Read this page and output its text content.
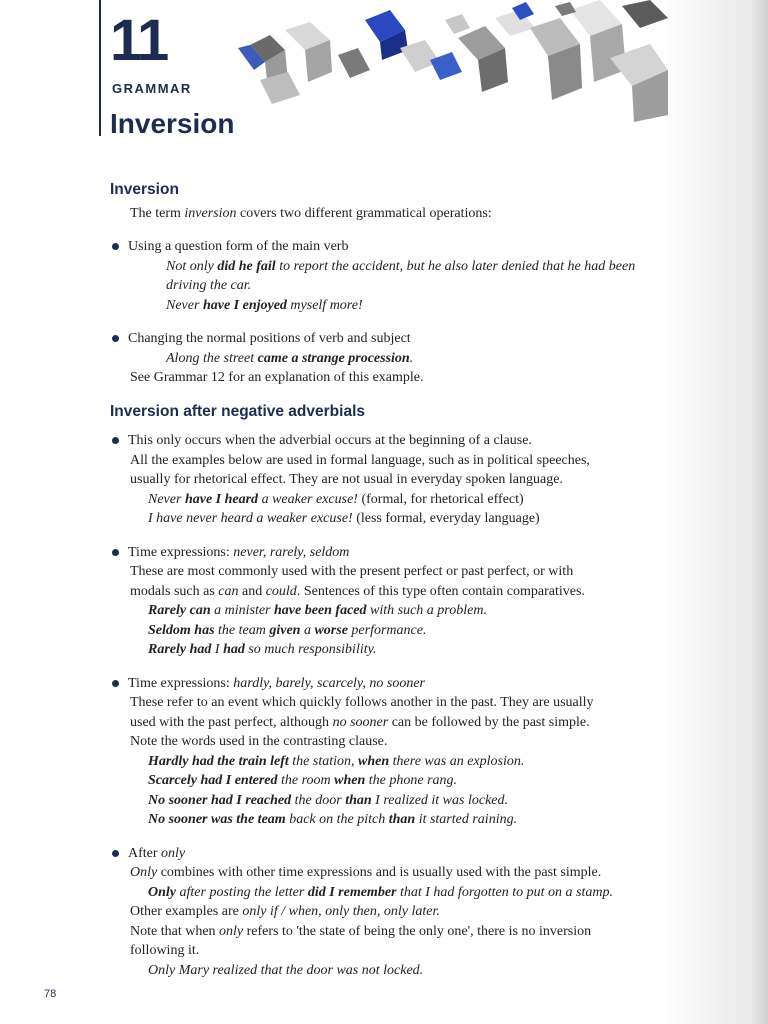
11
GRAMMAR
Inversion
Inversion
The term inversion covers two different grammatical operations:
Using a question form of the main verb
Not only did he fail to report the accident, but he also later denied that he had been
driving the car.
Never have I enjoyed myself more!
Changing the normal positions of verb and subject
Along the street came a strange procession.
See Grammar 12 for an explanation of this example.
Inversion after negative adverbials
This only occurs when the adverbial occurs at the beginning of a clause.
All the examples below are used in formal language, such as in political speeches,
usually for rhetorical effect. They are not usual in everyday spoken language.
Never have I heard a weaker excuse! (formal, for rhetorical effect)
I have never heard a weaker excuse! (less formal, everyday language)
Time expressions: never, rarely, seldom
These are most commonly used with the present perfect or past perfect, or with
modals such as can and could. Sentences of this type often contain comparatives.
Rarely can a minister have been faced with such a problem.
Seldom has the team given a worse performance.
Rarely had I had so much responsibility.
Time expressions: hardly, barely, scarcely, no sooner
These refer to an event which quickly follows another in the past. They are usually
used with the past perfect, although no sooner can be followed by the past simple.
Note the words used in the contrasting clause.
Hardly had the train left the station, when there was an explosion.
Scarcely had I entered the room when the phone rang.
No sooner had I reached the door than I realized it was locked.
No sooner was the team back on the pitch than it started raining.
After only
Only combines with other time expressions and is usually used with the past simple.
Only after posting the letter did I remember that I had forgotten to put on a stamp.
Other examples are only if / when, only then, only later.
Note that when only refers to 'the state of being the only one', there is no inversion
following it.
Only Mary realized that the door was not locked.
78
